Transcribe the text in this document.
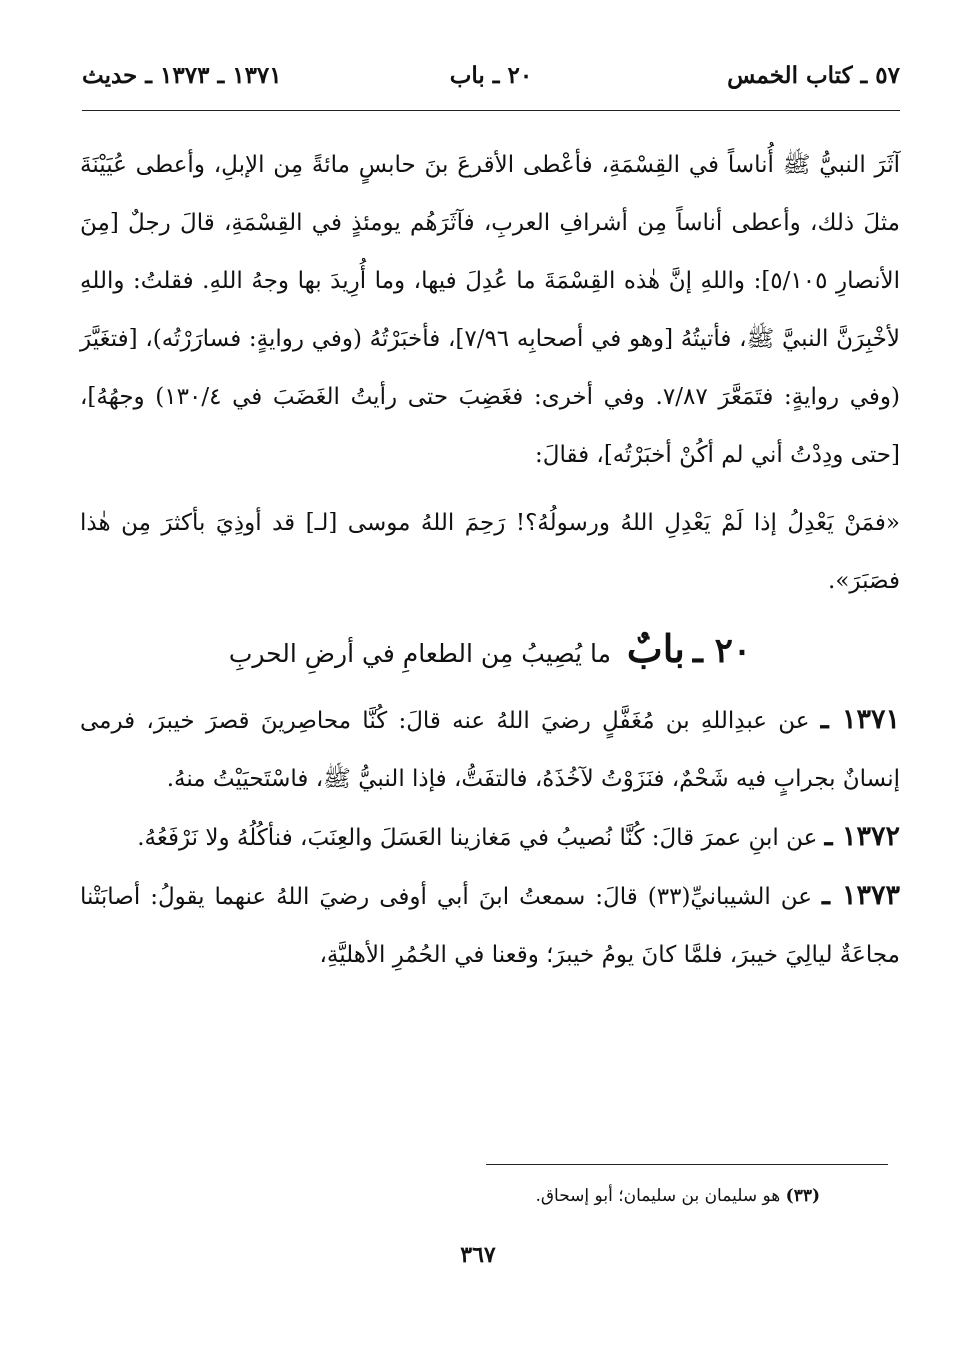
٥٧ ـ كتاب الخمس
٢٠ ـ باب
١٣٧١ ـ ١٣٧٣ ـ حديث

آثَرَ النبيُّ ﷺ أُناساً في القِسْمَةِ، فأعْطى الأقرعَ بنَ حابسٍ مائةً مِن الإبلِ، وأعطى عُيَيْنَةَ مثلَ ذلك، وأعطى أناساً مِن أشرافِ العربِ، فآثَرَهُم يومئذٍ في القِسْمَةِ، قالَ رجلٌ [مِنَ الأنصارِ ٥/١٠٥]: واللهِ إنَّ هٰذه القِسْمَةَ ما عُدِلَ فيها، وما أُرِيدَ بها وجهُ اللهِ. فقلتُ: واللهِ لأخْبِرَنَّ النبيَّ ﷺ، فأتيتُهُ [وهو في أصحابِه ٧/٩٦]، فأخبَرْتُهُ (وفي روايةٍ: فسارَرْتُه)، [فتغَيَّرَ (وفي روايةٍ: فتَمَعَّرَ ٧/٨٧. وفي أخرى: فغَضِبَ حتى رأيتُ الغَضَبَ في ١٣٠/٤) وجهُهُ]، [حتى ودِدْتُ أني لم أكُنْ أخبَرْتُه]، فقالَ:

«فمَنْ يَعْدِلُ إذا لَمْ يَعْدِلِ اللهُ ورسولُهُ؟! رَحِمَ اللهُ موسى [لـ] قد أوذِيَ بأكثرَ مِن هٰذا فصَبَرَ».

٢٠ ـ بابٌ ما يُصِيبُ مِن الطعامِ في أرضِ الحربِ

١٣٧١ ـ عن عبدِاللهِ بن مُغَفَّلٍ رضيَ اللهُ عنه قالَ: كُنَّا محاصِرينَ قصرَ خيبرَ، فرمى إنسانٌ بجرابٍ فيه شَحْمٌ، فنَزَوْتُ لآخُذَهُ، فالتفَتُّ، فإذا النبيُّ ﷺ، فاسْتَحيَيْتُ منهُ.

١٣٧٢ ـ عن ابنِ عمرَ قالَ: كُنَّا نُصيبُ في مَغازينا العَسَلَ والعِنَبَ، فنأكُلُهُ ولا نَرْفَعُهُ.

١٣٧٣ ـ عن الشيبانيِّ(٣٣) قالَ: سمعتُ ابنَ أبي أوفى رضيَ اللهُ عنهما يقولُ: أصابَتْنا مجاعَةٌ ليالِيَ خيبرَ، فلمَّا كانَ يومُ خيبرَ؛ وقعنا في الحُمُرِ الأهليَّةِ،

(٣٣) هو سليمان بن سليمان؛ أبو إسحاق.
٣٦٧
